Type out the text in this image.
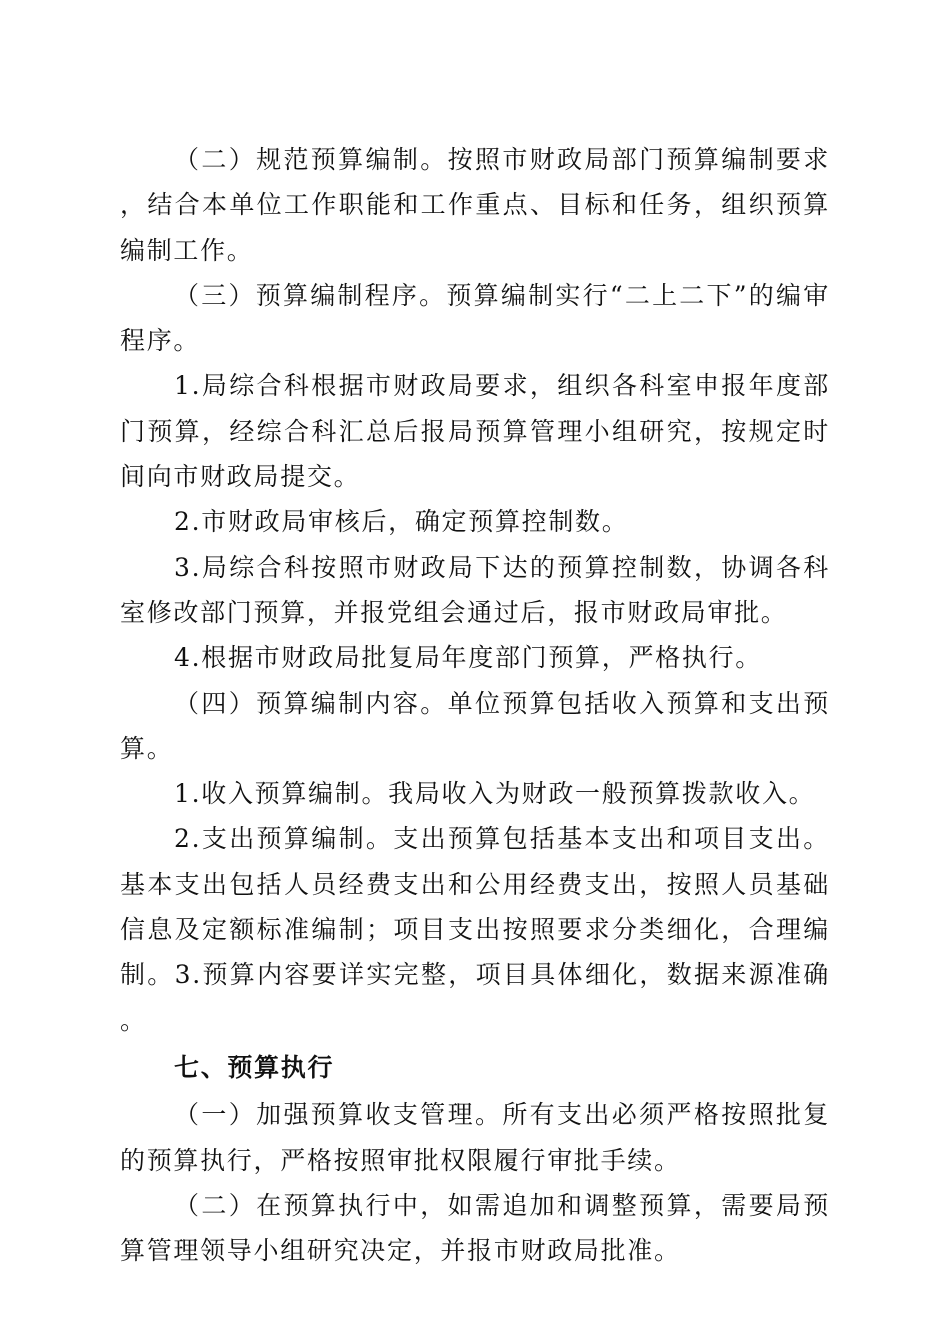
（二）规范预算编制。按照市财政局部门预算编制要求，结合本单位工作职能和工作重点、目标和任务，组织预算编制工作。

（三）预算编制程序。预算编制实行“二上二下”的编审程序。

1.局综合科根据市财政局要求，组织各科室申报年度部门预算，经综合科汇总后报局预算管理小组研究，按规定时间向市财政局提交。

2.市财政局审核后，确定预算控制数。

3.局综合科按照市财政局下达的预算控制数，协调各科室修改部门预算，并报党组会通过后，报市财政局审批。

4.根据市财政局批复局年度部门预算，严格执行。

（四）预算编制内容。单位预算包括收入预算和支出预算。

1.收入预算编制。我局收入为财政一般预算拨款收入。

2.支出预算编制。支出预算包括基本支出和项目支出。基本支出包括人员经费支出和公用经费支出，按照人员基础信息及定额标准编制；项目支出按照要求分类细化，合理编制。3.预算内容要详实完整，项目具体细化，数据来源准确。

七、预算执行

（一）加强预算收支管理。所有支出必须严格按照批复的预算执行，严格按照审批权限履行审批手续。

（二）在预算执行中，如需追加和调整预算，需要局预算管理领导小组研究决定，并报市财政局批准。
